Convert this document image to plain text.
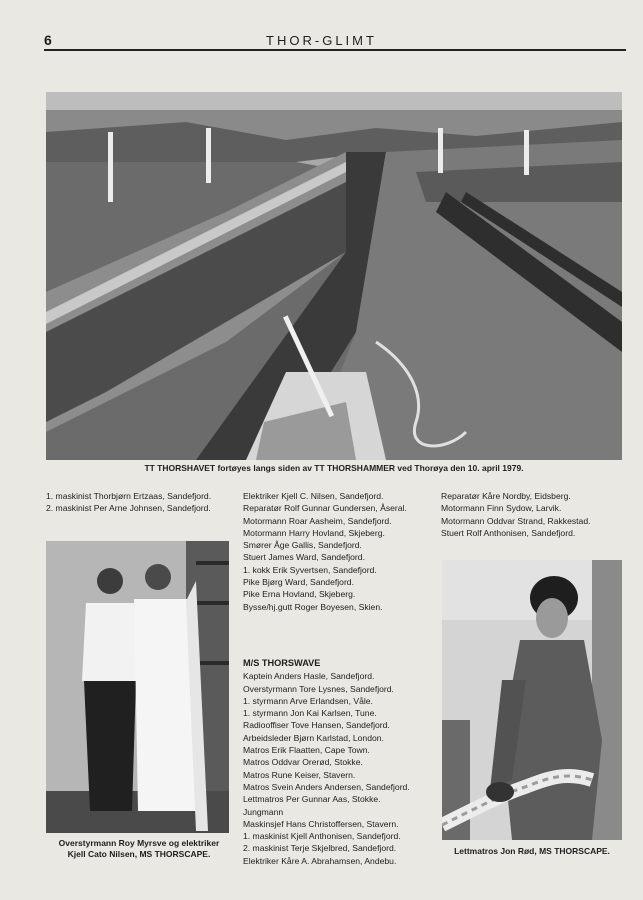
6	THOR-GLIMT
TT THORSHAVET fortøyes langs siden av TT THORSHAMMER ved Thorøya den 10. april 1979.
1. maskinist Thorbjørn Ertzaas, Sandefjord.
2. maskinist Per Arne Johnsen, Sandefjord.
Overstyrmann Roy Myrsve og elektriker
Kjell Cato Nilsen, MS THORSCAPE.
Elektriker Kjell C. Nilsen, Sandefjord.
Reparatør Rolf Gunnar Gundersen, Åseral.
Motormann Roar Aasheim, Sandefjord.
Motormann Harry Hovland, Skjeberg.
Smører Åge Gallis, Sandefjord.
Stuert James Ward, Sandefjord.
1. kokk Erik Syvertsen, Sandefjord.
Pike Bjørg Ward, Sandefjord.
Pike Erna Hovland, Skjeberg.
Bysse/hj.gutt Roger Boyesen, Skien.
M/S THORSWAVE
Kaptein Anders Hasle, Sandefjord.
Overstyrmann Tore Lysnes, Sandefjord.
1. styrmann Arve Erlandsen, Våle.
1. styrmann Jon Kai Karlsen, Tune.
Radiooffiser Tove Hansen, Sandefjord.
Arbeidsleder Bjørn Karlstad, London.
Matros Erik Flaatten, Cape Town.
Matros Oddvar Orerød, Stokke.
Matros Rune Keiser, Stavern.
Matros Svein Anders Andersen, Sandefjord.
Lettmatros Per Gunnar Aas, Stokke.
Jungmann
Maskinsjef Hans Christoffersen, Stavern.
1. maskinist Kjell Anthonisen, Sandefjord.
2. maskinist Terje Skjelbred, Sandefjord.
Elektriker Kåre A. Abrahamsen, Andebu.
Reparatør Kåre Nordby, Eidsberg.
Motormann Finn Sydow, Larvik.
Motormann Oddvar Strand, Rakkestad.
Stuert Rolf Anthonisen, Sandefjord.
Lettmatros Jon Rød, MS THORSCAPE.
